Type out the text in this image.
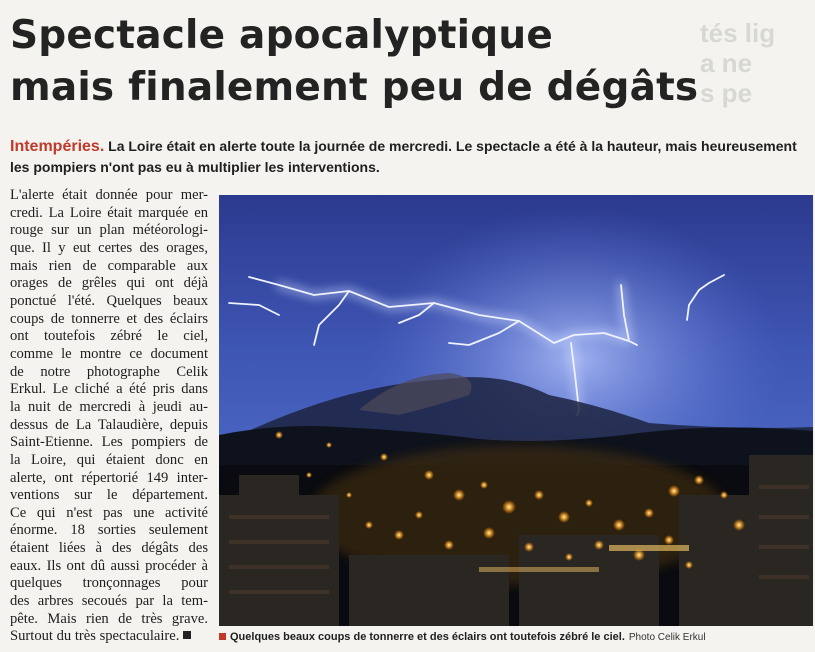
tés lig
a ne
s pe
Spectacle apocalyptique
mais finalement peu de dégâts
Intempéries. La Loire était en alerte toute la journée de mercredi. Le spectacle a été à la hauteur, mais heureusement
les pompiers n'ont pas eu à multiplier les interventions.
L'alerte était donnée pour mer-
credi. La Loire était marquée en
rouge sur un plan météorologi-
que. Il y eut certes des orages,
mais rien de comparable aux
orages de grêles qui ont déjà
ponctué l'été. Quelques beaux
coups de tonnerre et des éclairs
ont toutefois zébré le ciel,
comme le montre ce document
de notre photographe Celik
Erkul. Le cliché a été pris dans
la nuit de mercredi à jeudi au-
dessus de La Talaudière, depuis
Saint-Etienne. Les pompiers de
la Loire, qui étaient donc en
alerte, ont répertorié 149 inter-
ventions sur le département.
Ce qui n'est pas une activité
énorme. 18 sorties seulement
étaient liées à des dégâts des
eaux. Ils ont dû aussi procéder à
quelques tronçonnages pour
des arbres secoués par la tem-
pête. Mais rien de très grave.
Surtout du très spectaculaire.	Quelques beaux coups de tonnerre et des éclairs ont toutefois zébré le ciel. Photo Celik Erkul
